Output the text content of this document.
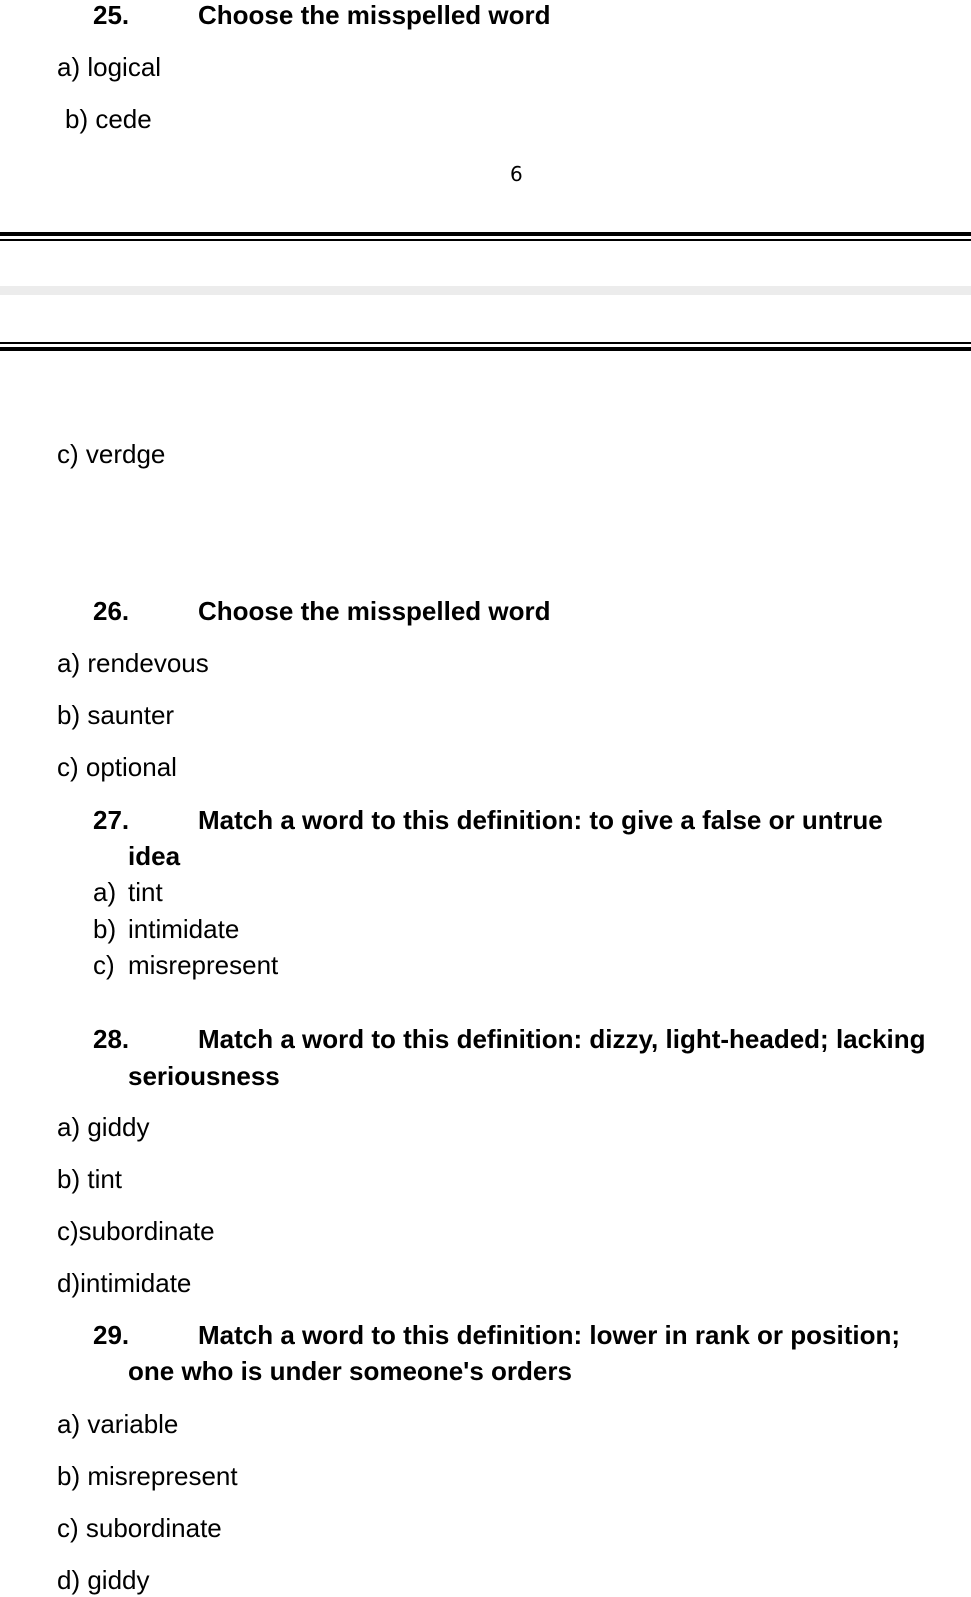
25.	Choose the misspelled word
a) logical
b) cede
6
c) verdge
26.	Choose the misspelled word
a) rendevous
b) saunter
c) optional
27.	Match a word to this definition: to give a false or untrue
idea
a) tint
b) intimidate
c) misrepresent
28.	Match a word to this definition: dizzy, light-headed; lacking
seriousness
a) giddy
b) tint
c)subordinate
d)intimidate
29.	Match a word to this definition: lower in rank or position;
one who is under someone's orders
a) variable
b) misrepresent
c) subordinate
d) giddy
